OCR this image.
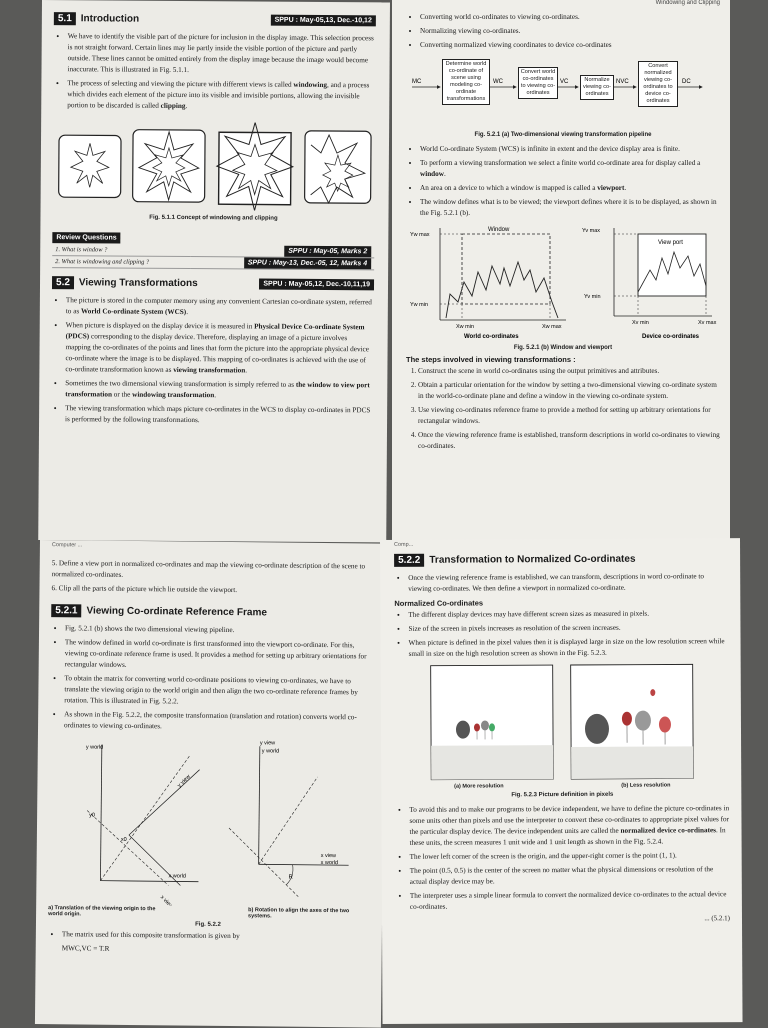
5.1 Introduction	SPPU : May-05,13, Dec.-10,12
• We have to identify the visible part of the picture for inclusion in the display image. This selection process is not straight forward. Certain lines may lie partly inside the visible portion of the picture and partly outside. These lines cannot be omitted entirely from the display image because the image would become inaccurate. This is illustrated in Fig. 5.1.1.
• The process of selecting and viewing the picture with different views is called windowing, and a process which divides each element of the picture into its visible and invisible portions, allowing the invisible portion to be discarded is called clipping.
Fig. 5.1.1 Concept of windowing and clipping
Review Questions
1. What is window ?	SPPU : May-05, Marks 2
2. What is windowing and clipping ?	SPPU : May-13, Dec.-05, 12, Marks 4
5.2 Viewing Transformations	SPPU : May-05,12, Dec.-10,11,19
• The picture is stored in the computer memory using any convenient Cartesian co-ordinate system, referred to as World Co-ordinate System (WCS).
• When picture is displayed on the display device it is measured in Physical Device Co-ordinate System (PDCS) corresponding to the display device. Therefore, displaying an image of a picture involves mapping the co-ordinates of the points and lines that form the picture into the appropriate physical device co-ordinate where the image is to be displayed. This mapping of co-ordinates is achieved with the use of co-ordinate transformation known as viewing transformation.
• Sometimes the two dimensional viewing transformation is simply referred to as the window to view port transformation or the windowing transformation.
• The viewing transformation which maps picture co-ordinates in the WCS to display co-ordinates in PDCS is performed by the following transformations.
Windowing and Clipping
• Converting world co-ordinates to viewing co-ordinates.
• Normalizing viewing co-ordinates.
• Converting normalized viewing coordinates to device co-ordinates
MC	WC	VC	NVC	DC
Determine world co-ordinate of scene using modeling co-ordinate transformations
Convert world co-ordinates to viewing co-ordinates
Normalize viewing co-ordinates
Convert normalized viewing co-ordinates to device co-ordinates
Fig. 5.2.1 (a) Two-dimensional viewing transformation pipeline
• World Co-ordinate System (WCS) is infinite in extent and the device display area is finite.
• To perform a viewing transformation we select a finite world co-ordinate area for display called a window.
• An area on a device to which a window is mapped is called a viewport.
• The window defines what is to be viewed; the viewport defines where it is to be displayed, as shown in the Fig. 5.2.1 (b).
Window
Yw max
Yw min
Xw min	Xw max
View port
Yv max
Yv min
Xv min	Xv max
World co-ordinates	Device co-ordinates
Fig. 5.2.1 (b) Window and viewport
The steps involved in viewing transformations :
1. Construct the scene in world co-ordinates using the output primitives and attributes.
2. Obtain a particular orientation for the window by setting a two-dimensional viewing co-ordinate system in the world-co-ordinate plane and define a window in the viewing co-ordinate system.
3. Use viewing co-ordinates reference frame to provide a method for setting up arbitrary orientations for rectangular windows.
4. Once the viewing reference frame is established, transform descriptions in world co-ordinates to viewing co-ordinates.
Computer ...

5. Define a view port in normalized co-ordinates and map the viewing co-ordinate description of the scene to normalized co-ordinates.

6. Clip all the parts of the picture which lie outside the viewport.

5.2.1 Viewing Co-ordinate Reference Frame
• Fig. 5.2.1 (b) shows the two dimensional viewing pipeline.
• The window defined in world co-ordinate is first transformed into the viewport co-ordinate. For this, viewing co-ordinate reference frame is used. It provides a method for setting up arbitrary orientations for rectangular windows.
• To obtain the matrix for converting world co-ordinate positions to viewing co-ordinates, we have to translate the viewing origin to the world origin and then align the two co-ordinate reference frames by rotation. This is illustrated in Fig. 5.2.2.
• As shown in the Fig. 5.2.2, the composite transformation (translation and rotation) converts world co-ordinates to viewing co-ordinates.
y world
y view
x view
x world
y0
x0
y view
y world
x view
x world
R
a) Translation of the viewing origin to the world origin.
b) Rotation to align the axes of the two systems.
Fig. 5.2.2
• The matrix used for this composite transformation is given by

MWC,VC = T.R

Comp...
5.2.2 Transformation to Normalized Co-ordinates
• Once the viewing reference frame is established, we can transform, descriptions in word co-ordinate to viewing co-ordinates. We then define a viewport in normalized co-ordinate.
Normalized Co-ordinates
• The different display devices may have different screen sizes as measured in pixels.
• Size of the screen in pixels increases as resolution of the screen increases.
• When picture is defined in the pixel values then it is displayed large in size on the low resolution screen while small in size on the high resolution screen as shown in the Fig. 5.2.3.
(a) More resolution	(b) Less resolution
Fig. 5.2.3 Picture definition in pixels
• To avoid this and to make our programs to be device independent, we have to define the picture co-ordinates in some units other than pixels and use the interpreter to convert these co-ordinates to appropriate pixel values for the particular display device. The device independent units are called the normalized device co-ordinates. In these units, the screen measures 1 unit wide and 1 unit length as shown in the Fig. 5.2.4.
• The lower left corner of the screen is the origin, and the upper-right corner is the point (1, 1).
• The point (0.5, 0.5) is the center of the screen no matter what the physical dimensions or resolution of the actual display device may be.
• The interpreter uses a simple linear formula to convert the normalized device co-ordinates to the actual device co-ordinates.
... (5.2.1)
